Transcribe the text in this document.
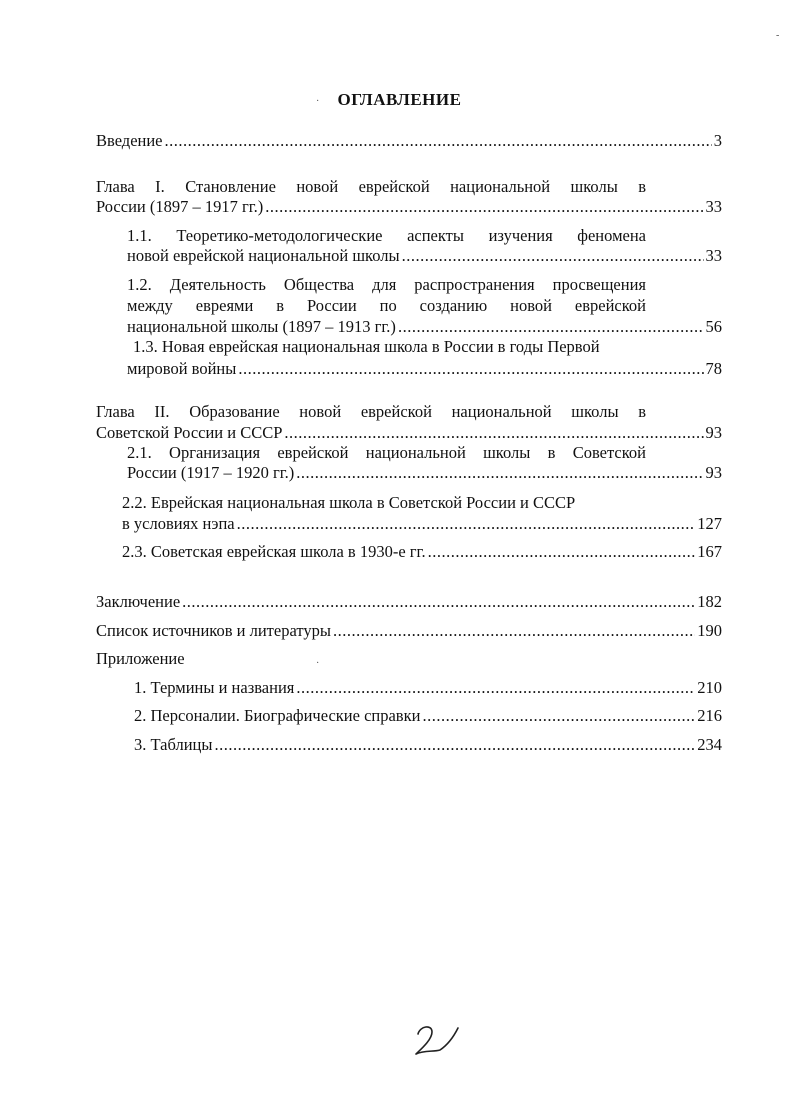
·
-
·
ОГЛАВЛЕНИЕ
Введение .....	3
Глава I. Становление новой еврейской национальной школы в
России (1897 – 1917 гг.) .....	33
1.1. Теоретико-методологические аспекты изучения феномена
новой еврейской национальной школы .....	33
1.2. Деятельность Общества для распространения просвещения
между евреями в России по созданию новой еврейской
национальной школы (1897 – 1913 гг.) .....	56
1.3. Новая еврейская национальная школа в России в годы Первой
мировой войны .....	78
Глава II. Образование новой еврейской национальной школы в
Советской России и СССР .....	93
2.1. Организация еврейской национальной школы в Советской
России (1917 – 1920 гг.) .....	93
2.2. Еврейская национальная школа в Советской России и СССР
в условиях нэпа .....	127
2.3. Советская еврейская школа в 1930-е гг. .....	167
Заключение .....	182
Список источников и литературы .....	190
Приложение
1. Термины и названия .....	210
2. Персоналии. Биографические справки .....	216
3. Таблицы .....	234
